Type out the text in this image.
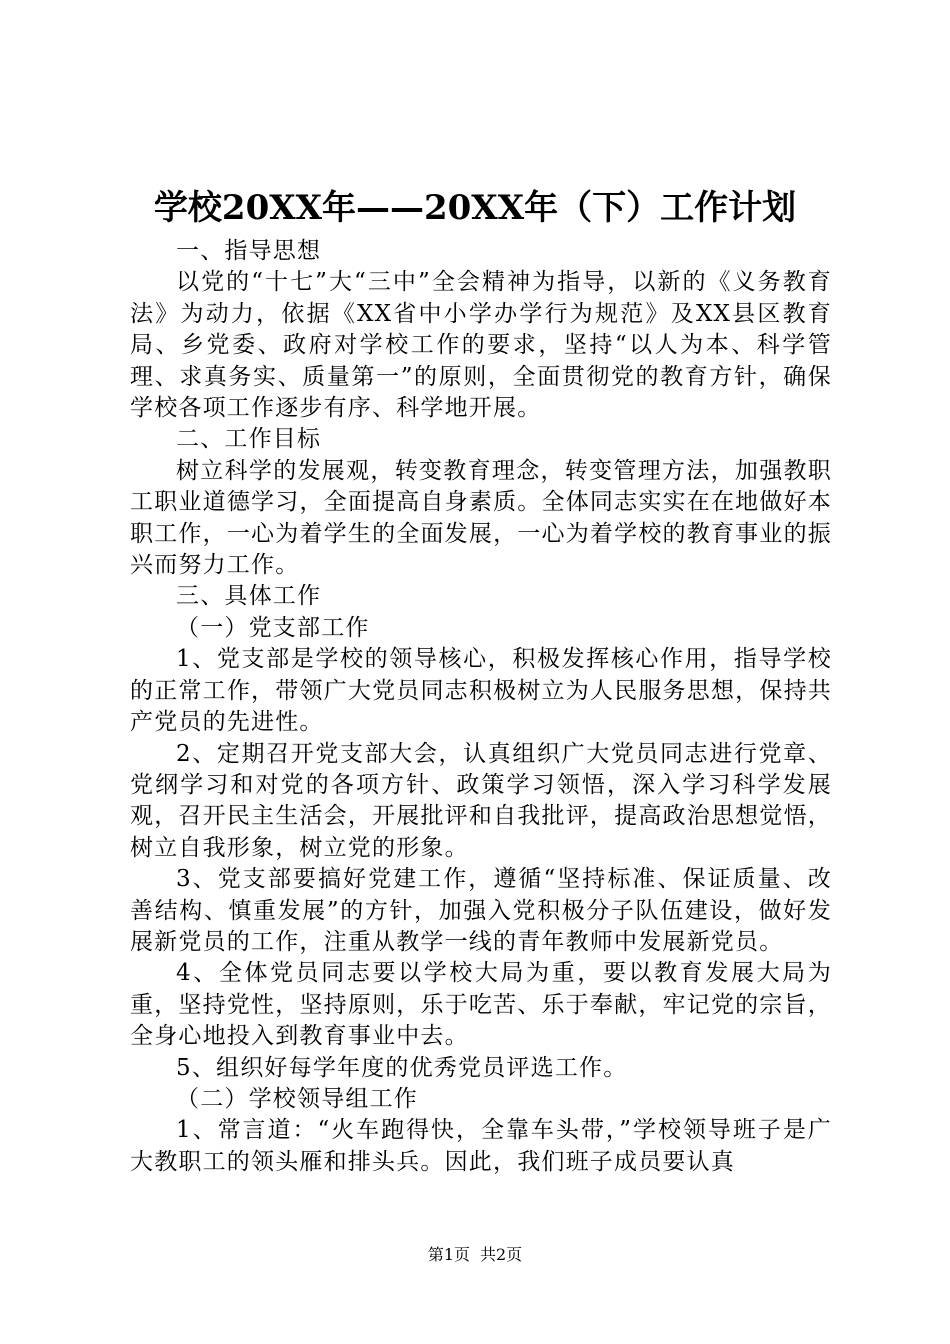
学校20XX年——20XX年（下）工作计划

一、指导思想

以党的“十七”大“三中”全会精神为指导，以新的《义务教育法》为动力，依据《XX省中小学办学行为规范》及XX县区教育局、乡党委、政府对学校工作的要求，坚持“以人为本、科学管理、求真务实、质量第一”的原则，全面贯彻党的教育方针，确保学校各项工作逐步有序、科学地开展。

二、工作目标

树立科学的发展观，转变教育理念，转变管理方法，加强教职工职业道德学习，全面提高自身素质。全体同志实实在在地做好本职工作，一心为着学生的全面发展，一心为着学校的教育事业的振兴而努力工作。

三、具体工作

（一）党支部工作

1、党支部是学校的领导核心，积极发挥核心作用，指导学校的正常工作，带领广大党员同志积极树立为人民服务思想，保持共产党员的先进性。

2、定期召开党支部大会，认真组织广大党员同志进行党章、党纲学习和对党的各项方针、政策学习领悟，深入学习科学发展观，召开民主生活会，开展批评和自我批评，提高政治思想觉悟，树立自我形象，树立党的形象。

3、党支部要搞好党建工作，遵循“坚持标准、保证质量、改善结构、慎重发展”的方针，加强入党积极分子队伍建设，做好发展新党员的工作，注重从教学一线的青年教师中发展新党员。

4、全体党员同志要以学校大局为重，要以教育发展大局为重，坚持党性，坚持原则，乐于吃苦、乐于奉献，牢记党的宗旨，全身心地投入到教育事业中去。

5、组织好每学年度的优秀党员评选工作。

（二）学校领导组工作

1、常言道：“火车跑得快，全靠车头带，”学校领导班子是广大教职工的领头雁和排头兵。因此，我们班子成员要认真

第1页 共2页
